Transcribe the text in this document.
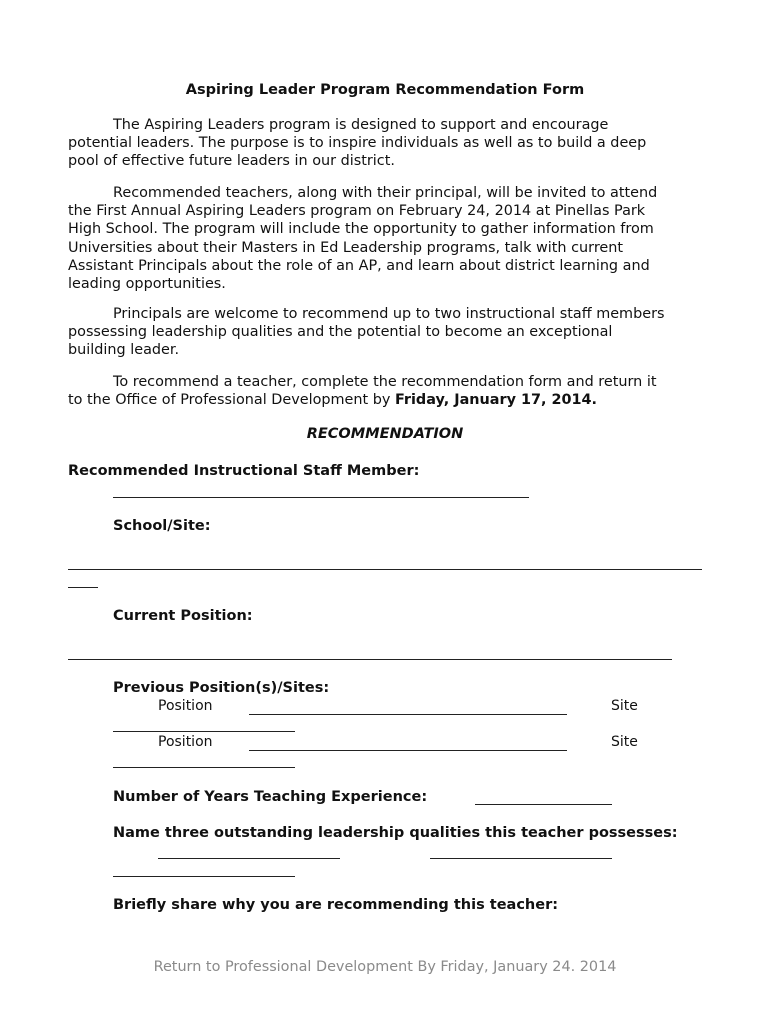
Aspiring Leader Program Recommendation Form
The Aspiring Leaders program is designed to support and encourage
potential leaders. The purpose is to inspire individuals as well as to build a deep
pool of effective future leaders in our district.
Recommended teachers, along with their principal, will be invited to attend
the First Annual Aspiring Leaders program on February 24, 2014 at Pinellas Park
High School. The program will include the opportunity to gather information from
Universities about their Masters in Ed Leadership programs, talk with current
Assistant Principals about the role of an AP, and learn about district learning and
leading opportunities.
Principals are welcome to recommend up to two instructional staff members
possessing leadership qualities and the potential to become an exceptional
building leader.
To recommend a teacher, complete the recommendation form and return it
to the Office of Professional Development by Friday, January 17, 2014.
RECOMMENDATION
Recommended Instructional Staff Member:
School/Site:
Current Position:
Previous Position(s)/Sites:
Position	Site
Position	Site
Number of Years Teaching Experience:
Name three outstanding leadership qualities this teacher possesses:
Briefly share why you are recommending this teacher:
Return to Professional Development By Friday, January 24. 2014
